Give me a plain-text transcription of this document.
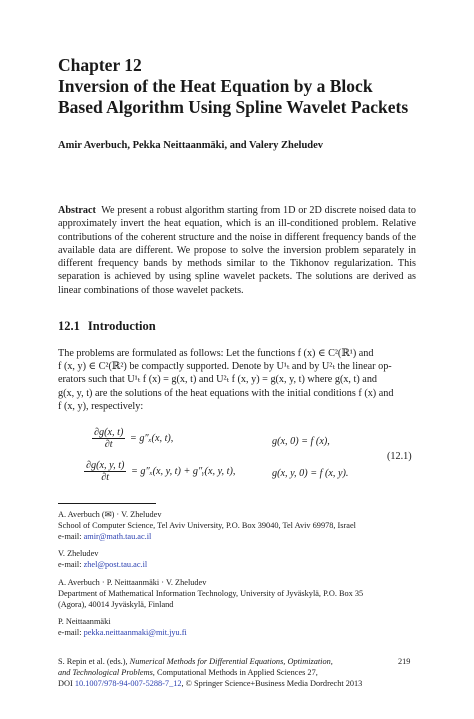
Chapter 12
Inversion of the Heat Equation by a Block Based Algorithm Using Spline Wavelet Packets
Amir Averbuch, Pekka Neittaanmäki, and Valery Zheludev
Abstract We present a robust algorithm starting from 1D or 2D discrete noised data to approximately invert the heat equation, which is an ill-conditioned problem. Relative contributions of the coherent structure and the noise in different frequency bands of the available data are different. We propose to solve the inversion problem separately in different frequency bands by methods similar to the Tikhonov regularization. This separation is achieved by using spline wavelet packets. The solutions are derived as linear combinations of those wavelet packets.
12.1 Introduction
The problems are formulated as follows: Let the functions f (x) ∈ C²(ℝ¹) and
f (x, y) ∈ C²(ℝ²) be compactly supported. Denote by U¹ₜ and by U²ₜ the linear op-
erators such that U¹ₜ f (x) = g(x, t) and U²ₜ f (x, y) = g(x, y, t) where g(x, t) and
g(x, y, t) are the solutions of the heat equations with the initial conditions f (x) and
f (x, y), respectively:
$\frac{\partial g(x, t)}{\partial t} = g''_x(x$, t),	g(x, 0) = f (x),
$\frac{\partial g(x, y, t)}{\partial t} = g''_x(x$, y, t) + g″ᵧ(x, y, t),	g(x, y, 0) = f (x, y).
(12.1)
A. Averbuch (✉) · V. Zheludev
School of Computer Science, Tel Aviv University, P.O. Box 39040, Tel Aviv 69978, Israel
e-mail: amir@math.tau.ac.il
V. Zheludev
e-mail: zhel@post.tau.ac.il
A. Averbuch · P. Neittaanmäki · V. Zheludev
Department of Mathematical Information Technology, University of Jyväskylä, P.O. Box 35
(Agora), 40014 Jyväskylä, Finland
P. Neittaanmäki
e-mail: pekka.neittaanmaki@mit.jyu.fi
S. Repin et al. (eds.), Numerical Methods for Differential Equations, Optimization,
and Technological Problems, Computational Methods in Applied Sciences 27,
DOI 10.1007/978-94-007-5288-7_12, © Springer Science+Business Media Dordrecht 2013
219
